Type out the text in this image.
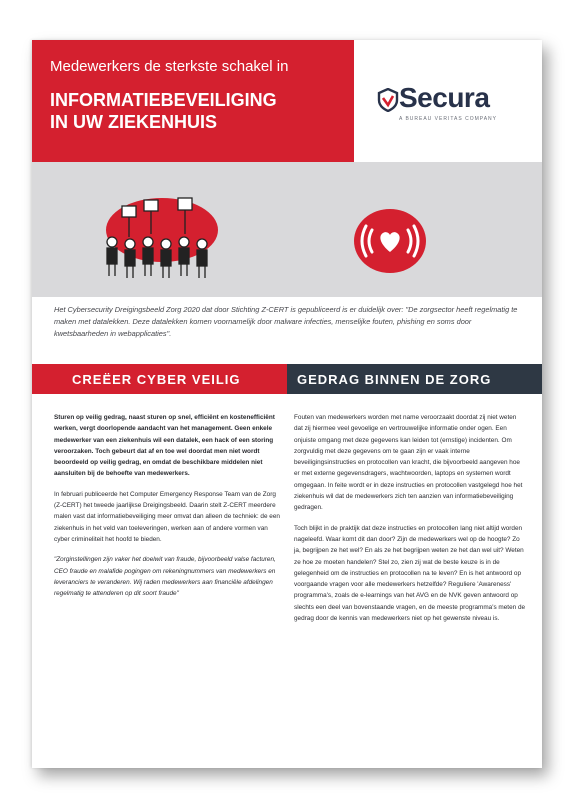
Medewerkers de sterkste schakel in
INFORMATIEBEVEILIGING
IN UW ZIEKENHUIS
Secura
A BUREAU VERITAS COMPANY
Het Cybersecurity Dreigingsbeeld Zorg 2020 dat door Stichting Z-CERT is gepubliceerd is er duidelijk over: "De zorgsector heeft regelmatig te maken met datalekken. Deze datalekken komen voornamelijk door malware infecties, menselijke fouten, phishing en soms door kwetsbaarheden in webapplicaties".
CREËER CYBER VEILIG	GEDRAG BINNEN DE ZORG

Sturen op veilig gedrag, naast sturen op snel, efficiënt en kostenefficiënt werken, vergt doorlopende aandacht van het management. Geen enkele medewerker van een ziekenhuis wil een datalek, een hack of een storing veroorzaken. Toch gebeurt dat af en toe wel doordat men niet wordt beoordeeld op veilig gedrag, en omdat de beschikbare middelen niet aansluiten bij de behoefte van medewerkers.

In februari publiceerde het Computer Emergency Response Team van de Zorg (Z-CERT) het tweede jaarlijkse Dreigingsbeeld. Daarin stelt Z-CERT meerdere malen vast dat informatiebeveiliging meer omvat dan alleen de techniek: de een ziekenhuis in het veld van toeleveringen, werken aan of andere vormen van cyber crimineliteit het hoofd te bieden.

"Zorginstellingen zijn vaker het doelwit van fraude, bijvoorbeeld valse facturen, CEO fraude en malafide pogingen om rekeningnummers van medewerkers en leveranciers te veranderen. Wij raden medewerkers aan financiële afdelingen regelmatig te attenderen op dit soort fraude"

Fouten van medewerkers worden met name veroorzaakt doordat zij niet weten dat zij hiermee veel gevoelige en vertrouwelijke informatie onder ogen. Een onjuiste omgang met deze gegevens kan leiden tot (ernstige) incidenten. Om zorgvuldig met deze gegevens om te gaan zijn er vaak interne beveiligingsinstructies en protocollen van kracht, die bijvoorbeeld aangeven hoe er met externe gegevensdragers, wachtwoorden, laptops en systemen wordt omgegaan. In feite wordt er in deze instructies en protocollen vastgelegd hoe het ziekenhuis wil dat de medewerkers zich ten aanzien van informatiebeveiliging gedragen.

Toch blijkt in de praktijk dat deze instructies en protocollen lang niet altijd worden nageleefd. Waar komt dit dan door? Zijn de medewerkers wel op de hoogte? Zo ja, begrijpen ze het wel? En als ze het begrijpen weten ze het dan wel uit? Weten ze hoe ze moeten handelen? Stel zo, zien zij wat de beste keuze is in de gelegenheid om de instructies en protocollen na te leven? En is het antwoord op voorgaande vragen voor alle medewerkers hetzelfde? Reguliere 'Awareness' programma's, zoals de e-learnings van het AVG en de NVK geven antwoord op slechts een deel van bovenstaande vragen, en de meeste programma's meten de gedrag door de kennis van medewerkers niet op het gewenste niveau is.
